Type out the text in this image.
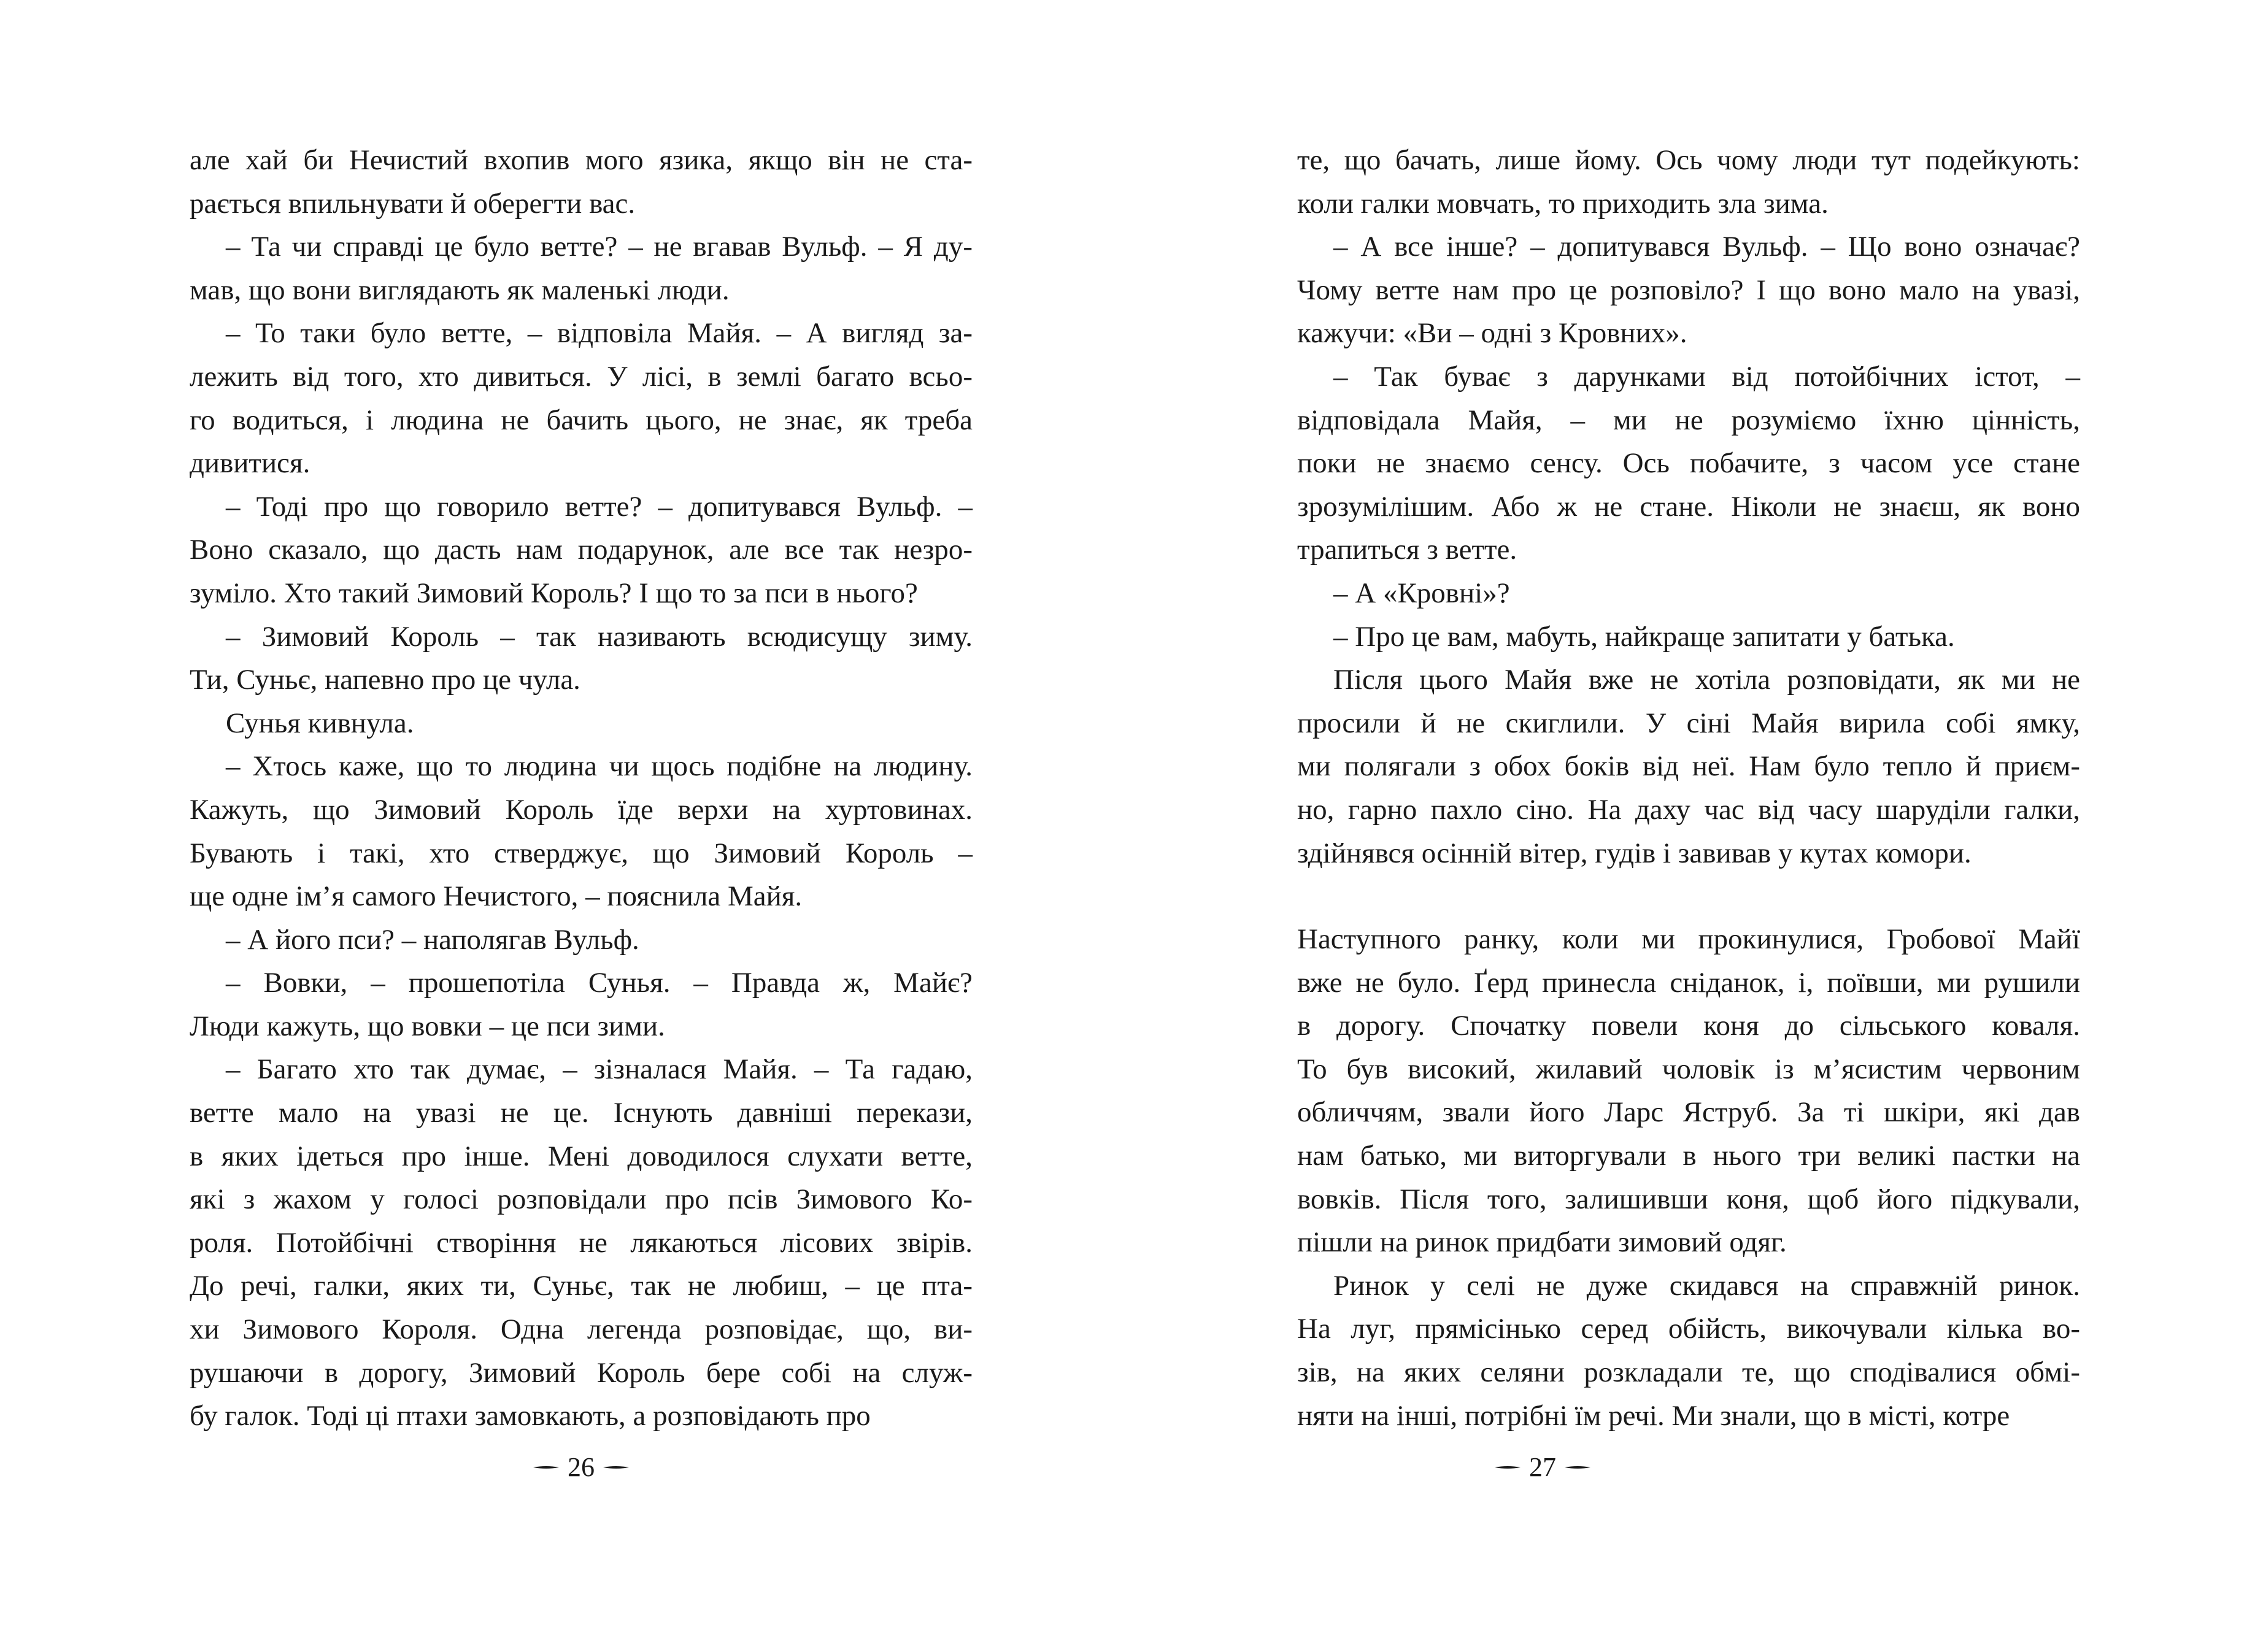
але хай би Нечистий вхопив мого язика, якщо він не ста-
рається впильнувати й оберегти вас.

– Та чи справді це було ветте? – не вгавав Вульф. – Я ду-
мав, що вони виглядають як маленькі люди.

– То таки було ветте, – відповіла Майя. – А вигляд за-
лежить від того, хто дивиться. У лісі, в землі багато всьо-
го водиться, і людина не бачить цього, не знає, як треба
дивитися.

– Тоді про що говорило ветте? – допитувався Вульф. –
Воно сказало, що дасть нам подарунок, але все так незро-
зуміло. Хто такий Зимовий Король? І що то за пси в нього?

– Зимовий Король – так називають всюдисущу зиму.
Ти, Суньє, напевно про це чула.

Сунья кивнула.

– Хтось каже, що то людина чи щось подібне на людину.
Кажуть, що Зимовий Король їде верхи на хуртовинах.
Бувають і такі, хто стверджує, що Зимовий Король –
ще одне ім’я самого Нечистого, – пояснила Майя.

– А його пси? – наполягав Вульф.

– Вовки, – прошепотіла Сунья. – Правда ж, Майє?
Люди кажуть, що вовки – це пси зими.

– Багато хто так думає, – зізналася Майя. – Та гадаю,
ветте мало на увазі не це. Існують давніші перекази,
в яких ідеться про інше. Мені доводилося слухати ветте,
які з жахом у голосі розповідали про псів Зимового Ко-
роля. Потойбічні створіння не лякаються лісових звірів.
До речі, галки, яких ти, Суньє, так не любиш, – це пта-
хи Зимового Короля. Одна легенда розповідає, що, ви-
рушаючи в дорогу, Зимовий Король бере собі на служ-
бу галок. Тоді ці птахи замовкають, а розповідають про

26

те, що бачать, лише йому. Ось чому люди тут подейкують:
коли галки мовчать, то приходить зла зима.

– А все інше? – допитувався Вульф. – Що воно означає?
Чому ветте нам про це розповіло? І що воно мало на увазі,
кажучи: «Ви – одні з Кровних».

– Так буває з дарунками від потойбічних істот, –
відповідала Майя, – ми не розуміємо їхню цінність,
поки не знаємо сенсу. Ось побачите, з часом усе стане
зрозумілішим. Або ж не стане. Ніколи не знаєш, як воно
трапиться з ветте.

– А «Кровні»?

– Про це вам, мабуть, найкраще запитати у батька.

Після цього Майя вже не хотіла розповідати, як ми не
просили й не скиглили. У сіні Майя вирила собі ямку,
ми полягали з обох боків від неї. Нам було тепло й приєм-
но, гарно пахло сіно. На даху час від часу шаруділи галки,
здійнявся осінній вітер, гудів і завивав у кутах комори.

Наступного ранку, коли ми прокинулися, Гробової Майї
вже не було. Ґерд принесла сніданок, і, поївши, ми рушили
в дорогу. Спочатку повели коня до сільського коваля.
То був високий, жилавий чоловік із м’ясистим червоним
обличчям, звали його Ларс Яструб. За ті шкіри, які дав
нам батько, ми виторгували в нього три великі пастки на
вовків. Після того, залишивши коня, щоб його підкували,
пішли на ринок придбати зимовий одяг.

Ринок у селі не дуже скидався на справжній ринок.
На луг, прямісінько серед обійсть, викочували кілька во-
зів, на яких селяни розкладали те, що сподівалися обмі-
няти на інші, потрібні їм речі. Ми знали, що в місті, котре

27
